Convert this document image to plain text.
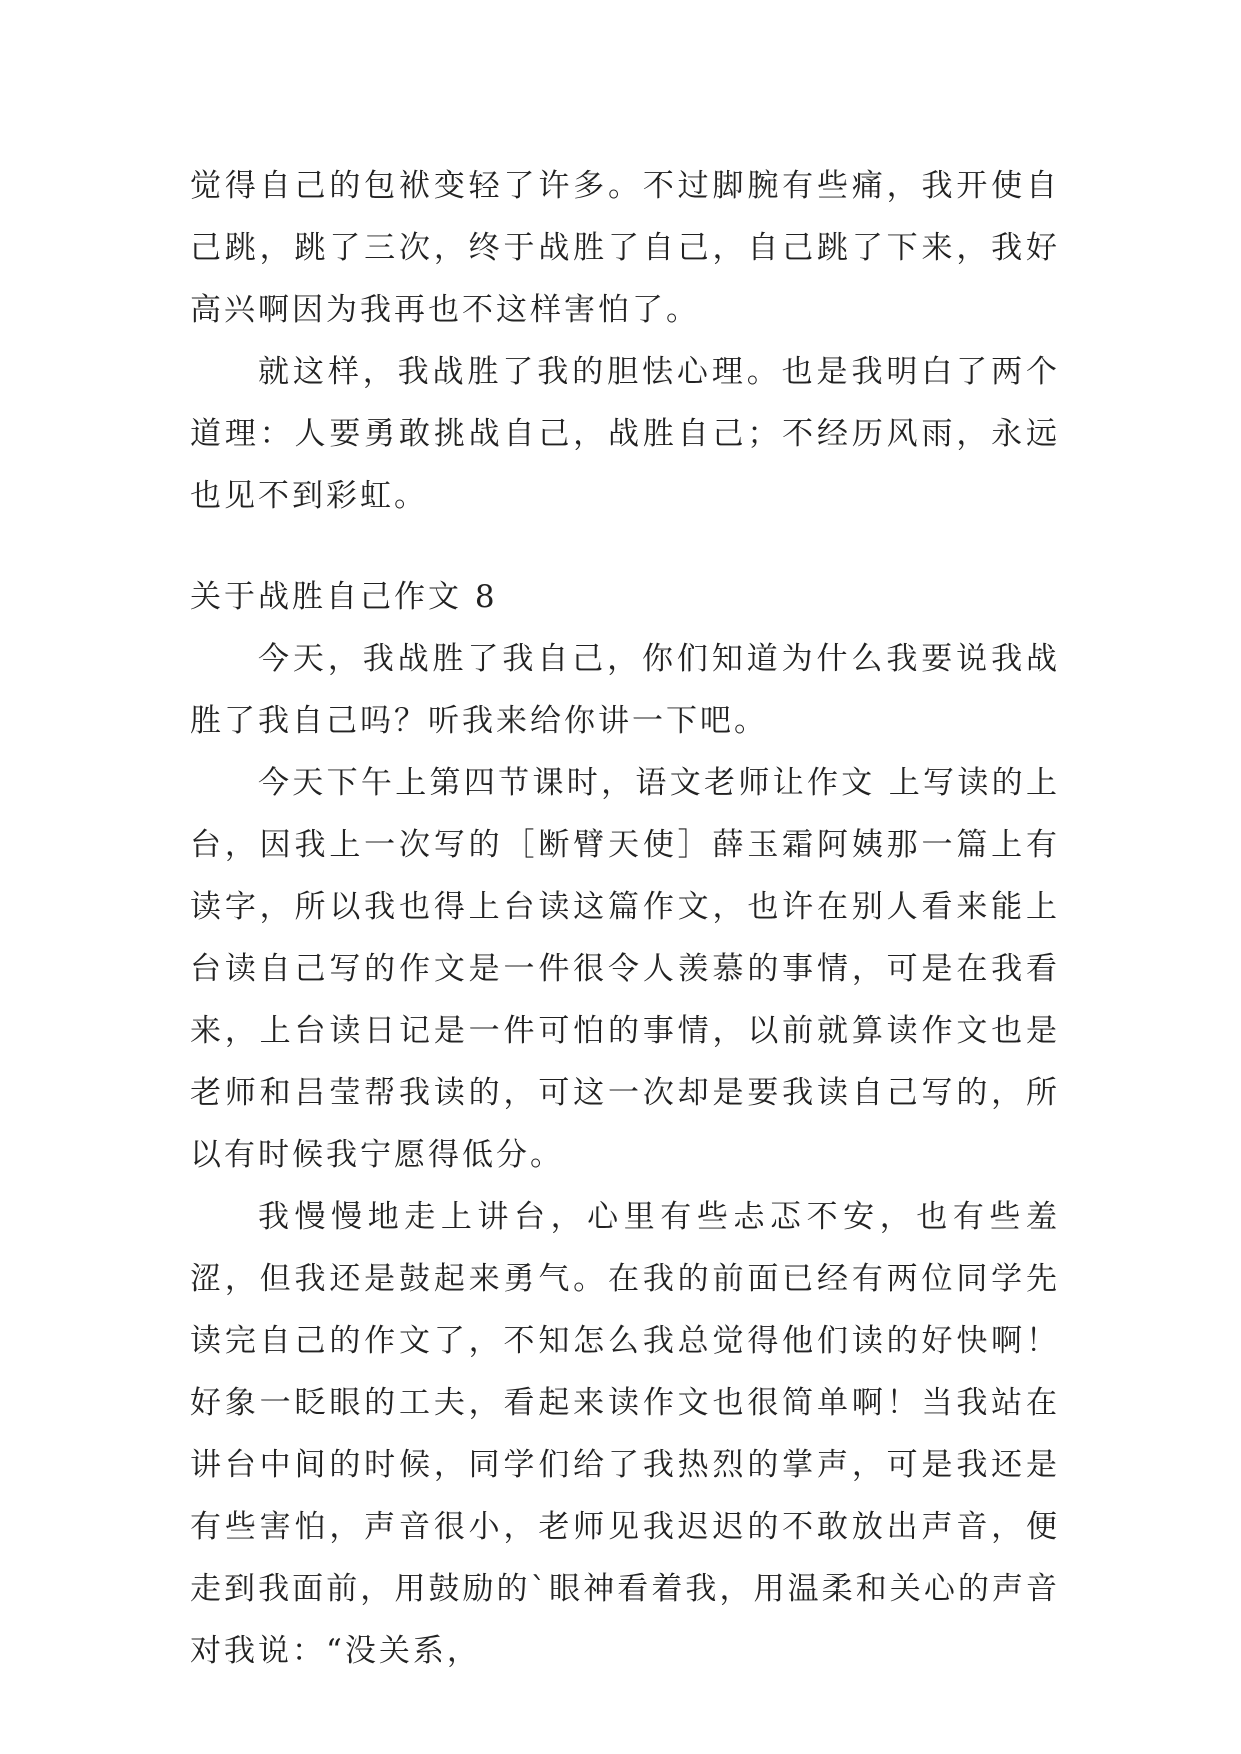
觉得自己的包袱变轻了许多。不过脚腕有些痛，我开使自己跳，跳了三次，终于战胜了自己，自己跳了下来，我好高兴啊因为我再也不这样害怕了。

就这样，我战胜了我的胆怯心理。也是我明白了两个道理：人要勇敢挑战自己，战胜自己；不经历风雨，永远也见不到彩虹。

关于战胜自己作文 8

今天，我战胜了我自己，你们知道为什么我要说我战胜了我自己吗？听我来给你讲一下吧。

今天下午上第四节课时，语文老师让作文 上写读的上台，因我上一次写的［断臂天使］薛玉霜阿姨那一篇上有读字，所以我也得上台读这篇作文，也许在别人看来能上台读自己写的作文是一件很令人羡慕的事情，可是在我看来，上台读日记是一件可怕的事情，以前就算读作文也是老师和吕莹帮我读的，可这一次却是要我读自己写的，所以有时候我宁愿得低分。

我慢慢地走上讲台，心里有些忐忑不安，也有些羞涩，但我还是鼓起来勇气。在我的前面已经有两位同学先读完自己的作文了，不知怎么我总觉得他们读的好快啊！好象一眨眼的工夫，看起来读作文也很简单啊！当我站在讲台中间的时候，同学们给了我热烈的掌声，可是我还是有些害怕，声音很小，老师见我迟迟的不敢放出声音，便走到我面前，用鼓励的`眼神看着我，用温柔和关心的声音对我说：“没关系，
